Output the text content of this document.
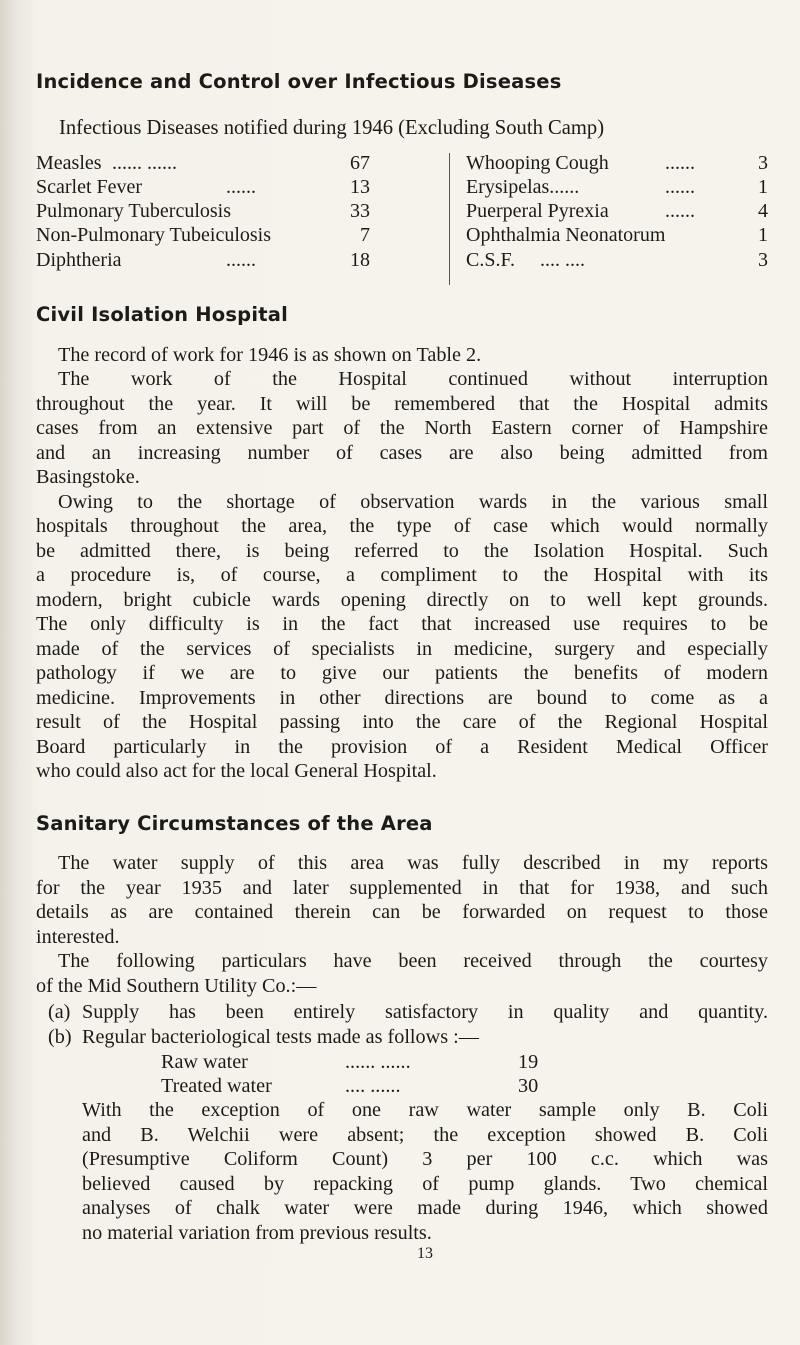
Incidence and Control over Infectious Diseases
Infectious Diseases notified during 1946 (Excluding South Camp)
Measles ...... ......	67
Scarlet Fever	......	13
Pulmonary Tuberculosis	33
Non-Pulmonary Tubeiculosis	7
Diphtheria	......	18
Whooping Cough	......	3
Erysipelas......	......	1
Puerperal Pyrexia	......	4
Ophthalmia Neonatorum	1
C.S.F. .... ....	3
Civil Isolation Hospital
The record of work for 1946 is as shown on Table 2.
The work of the Hospital continued without interruption
throughout the year. It will be remembered that the Hospital admits
cases from an extensive part of the North Eastern corner of Hampshire
and an increasing number of cases are also being admitted from
Basingstoke.
Owing to the shortage of observation wards in the various small
hospitals throughout the area, the type of case which would normally
be admitted there, is being referred to the Isolation Hospital. Such
a procedure is, of course, a compliment to the Hospital with its
modern, bright cubicle wards opening directly on to well kept grounds.
The only difficulty is in the fact that increased use requires to be
made of the services of specialists in medicine, surgery and especially
pathology if we are to give our patients the benefits of modern
medicine. Improvements in other directions are bound to come as a
result of the Hospital passing into the care of the Regional Hospital
Board particularly in the provision of a Resident Medical Officer
who could also act for the local General Hospital.
Sanitary Circumstances of the Area
The water supply of this area was fully described in my reports
for the year 1935 and later supplemented in that for 1938, and such
details as are contained therein can be forwarded on request to those
interested.
The following particulars have been received through the courtesy
of the Mid Southern Utility Co.:—
(a) Supply has been entirely satisfactory in quality and quantity.
(b) Regular bacteriological tests made as follows :—
Raw water	...... ......	19
Treated water	.... ......	30
With the exception of one raw water sample only B. Coli
and B. Welchii were absent; the exception showed B. Coli
(Presumptive Coliform Count) 3 per 100 c.c. which was
believed caused by repacking of pump glands. Two chemical
analyses of chalk water were made during 1946, which showed
no material variation from previous results.
13
